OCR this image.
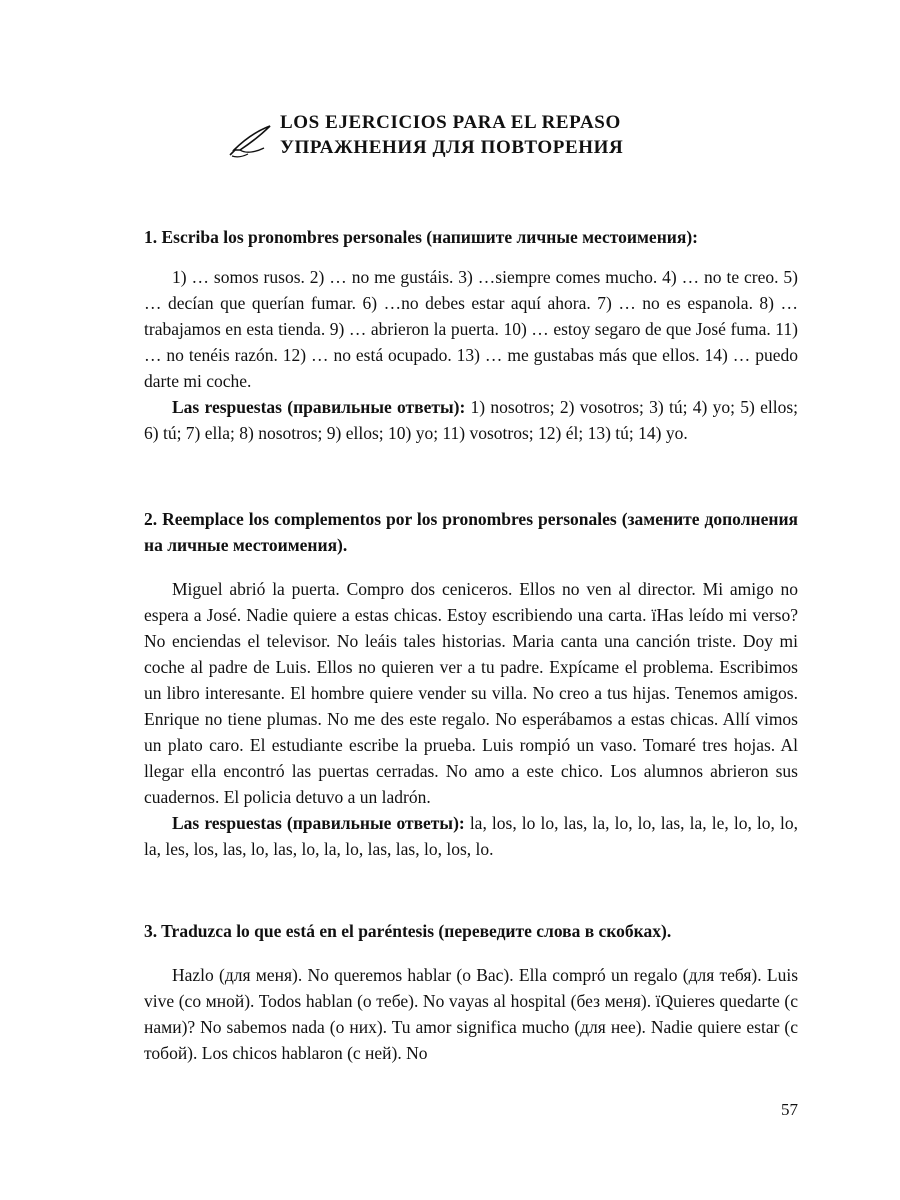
LOS EJERCICIOS PARA EL REPASO
УПРАЖНЕНИЯ ДЛЯ ПОВТОРЕНИЯ

1. Escriba los pronombres personales (напишите личные местоимения):

1) … somos rusos. 2) … no me gustáis. 3) …siempre comes mucho. 4) … no te creo. 5) … decían que querían fumar. 6) …no debes estar aquí ahora. 7) … no es espanola. 8) … trabajamos en esta tienda. 9) … abrieron la puerta. 10) … estoy segaro de que José fuma. 11) … no tenéis razón. 12) … no está ocupado. 13) … me gustabas más que ellos. 14) … puedo darte mi coche.

Las respuestas (правильные ответы): 1) nosotros; 2) vosotros; 3) tú; 4) yo; 5) ellos; 6) tú; 7) ella; 8) nosotros; 9) ellos; 10) yo; 11) vosotros; 12) él; 13) tú; 14) yo.

2. Reemplace los complementos por los pronombres personales (замените дополнения на личные местоимения).

Miguel abrió la puerta. Compro dos ceniceros. Ellos no ven al director. Mi amigo no espera a José. Nadie quiere a estas chicas. Estoy escribiendo una carta. ïHas leído mi verso? No enciendas el televisor. No leáis tales historias. Maria canta una canción triste. Doy mi coche al padre de Luis. Ellos no quieren ver a tu padre. Expícame el problema. Escribimos un libro interesante. El hombre quiere vender su villa. No creo a tus hijas. Tenemos amigos. Enrique no tiene plumas. No me des este regalo. No esperábamos a estas chicas. Allí vimos un plato caro. El estudiante escribe la prueba. Luis rompió un vaso. Tomaré tres hojas. Al llegar ella encontró las puertas cerradas. No amo a este chico. Los alumnos abrieron sus cuadernos. El policia detuvo a un ladrón.

Las respuestas (правильные ответы): la, los, lo lo, las, la, lo, lo, las, la, le, lo, lo, lo, la, les, los, las, lo, las, lo, la, lo, las, las, lo, los, lo.

3. Traduzca lo que está en el paréntesis (переведите слова в скобках).

Hazlo (для меня). No queremos hablar (о Вас). Ella compró un regalo (для тебя). Luis vive (со мной). Todos hablan (о тебе). No vayas al hospital (без меня). ïQuieres quedarte (с нами)? No sabemos nada (о них). Tu amor significa mucho (для нее). Nadie quiere estar (с тобой). Los chicos hablaron (с ней). No

57
